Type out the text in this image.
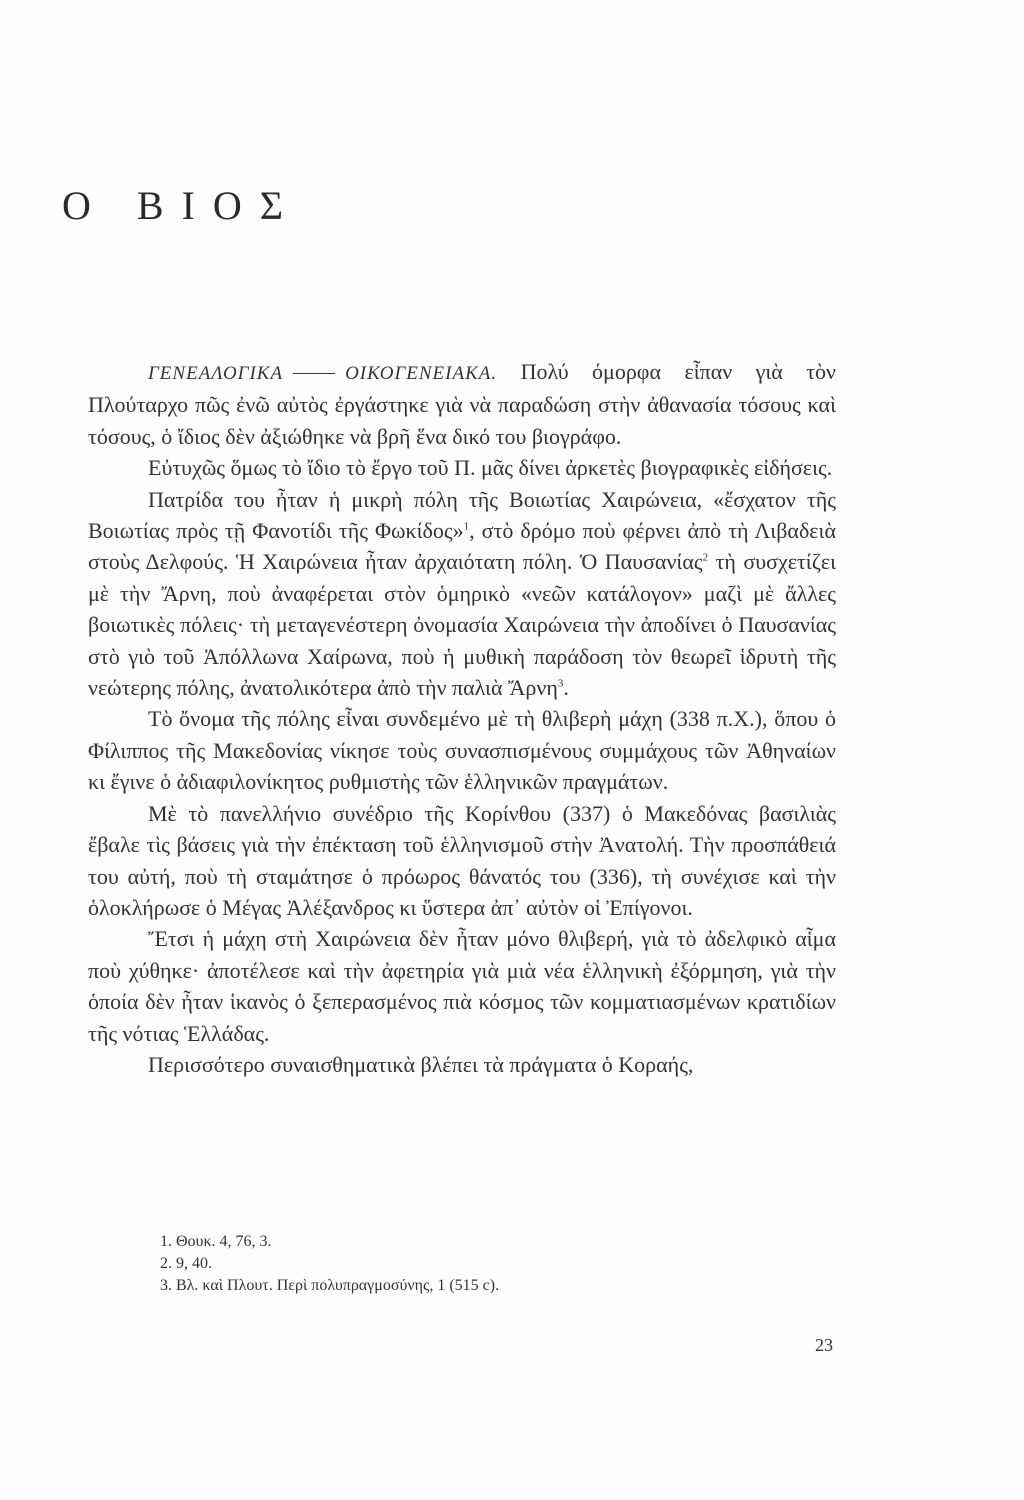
Ο ΒΙΟΣ

ΓΕΝΕΑΛΟΓΙΚΑ	ΟΙΚΟΓΕΝΕΙΑΚΑ. Πολύ όμορφα εἶπαν γιὰ τὸν Πλούταρχο πῶς ἐνῶ αὐτὸς ἐργάστηκε γιὰ νὰ παραδώση στὴν ἀθανασία τόσους καὶ τόσους, ὁ ἴδιος δὲν ἀξιώθηκε νὰ βρῆ ἕνα δικό του βιογράφο.

Εὐτυχῶς ὅμως τὸ ἴδιο τὸ ἔργο τοῦ Π. μᾶς δίνει ἀρκετὲς βιογραφικὲς εἰδήσεις.

Πατρίδα του ἦταν ἡ μικρὴ πόλη τῆς Βοιωτίας Χαιρώνεια, «ἔσχατον τῆς Βοιωτίας πρὸς τῇ Φανοτίδι τῆς Φωκίδος»$^1$, στὸ δρόμο ποὺ φέρνει ἀπὸ τὴ Λιβαδειὰ στοὺς Δελφούς. Ἡ Χαιρώνεια ἦταν ἀρχαιότατη πόλη. Ὁ Παυσανίας$^2$ τὴ συσχετίζει μὲ τὴν Ἄρνη, ποὺ ἀναφέρεται στὸν ὁμηρικὸ «νεῶν κατάλογον» μαζὶ μὲ ἄλλες βοιωτικὲς πόλεις· τὴ μεταγενέστερη ὀνομασία Χαιρώνεια τὴν ἀποδίνει ὁ Παυσανίας στὸ γιὸ τοῦ Ἀπόλλωνα Χαίρωνα, ποὺ ἡ μυθικὴ παράδοση τὸν θεωρεῖ ἱδρυτὴ τῆς νεώτερης πόλης, ἀνατολικότερα ἀπὸ τὴν παλιὰ Ἄρνη$^3$.

Τὸ ὄνομα τῆς πόλης εἶναι συνδεμένο μὲ τὴ θλιβερὴ μάχη (338 π.Χ.), ὅπου ὁ Φίλιππος τῆς Μακεδονίας νίκησε τοὺς συνασπισμένους συμμάχους τῶν Ἀθηναίων κι ἔγινε ὁ ἀδιαφιλονίκητος ρυθμιστὴς τῶν ἑλληνικῶν πραγμάτων.

Μὲ τὸ πανελλήνιο συνέδριο τῆς Κορίνθου (337) ὁ Μακεδόνας βασιλιὰς ἔβαλε τὶς βάσεις γιὰ τὴν ἐπέκταση τοῦ ἑλληνισμοῦ στὴν Ἀνατολή. Τὴν προσπάθειά του αὐτή, ποὺ τὴ σταμάτησε ὁ πρόωρος θάνατός του (336), τὴ συνέχισε καὶ τὴν ὁλοκλήρωσε ὁ Μέγας Ἀλέξανδρος κι ὕστερα ἀπ᾽ αὐτὸν οἱ Ἐπίγονοι.

Ἔτσι ἡ μάχη στὴ Χαιρώνεια δὲν ἦταν μόνο θλιβερή, γιὰ τὸ ἀδελφικὸ αἷμα ποὺ χύθηκε· ἀποτέλεσε καὶ τὴν ἀφετηρία γιὰ μιὰ νέα ἑλληνικὴ ἐξόρμηση, γιὰ τὴν ὁποία δὲν ἦταν ἱκανὸς ὁ ξεπερασμένος πιὰ κόσμος τῶν κομματιασμένων κρατιδίων τῆς νότιας Ἑλλάδας.

Περισσότερο συναισθηματικὰ βλέπει τὰ πράγματα ὁ Κοραής,

1. Θουκ. 4, 76, 3.
2. 9, 40.
3. Βλ. καὶ Πλουτ. Περὶ πολυπραγμοσύνης, 1 (515 c).
23
